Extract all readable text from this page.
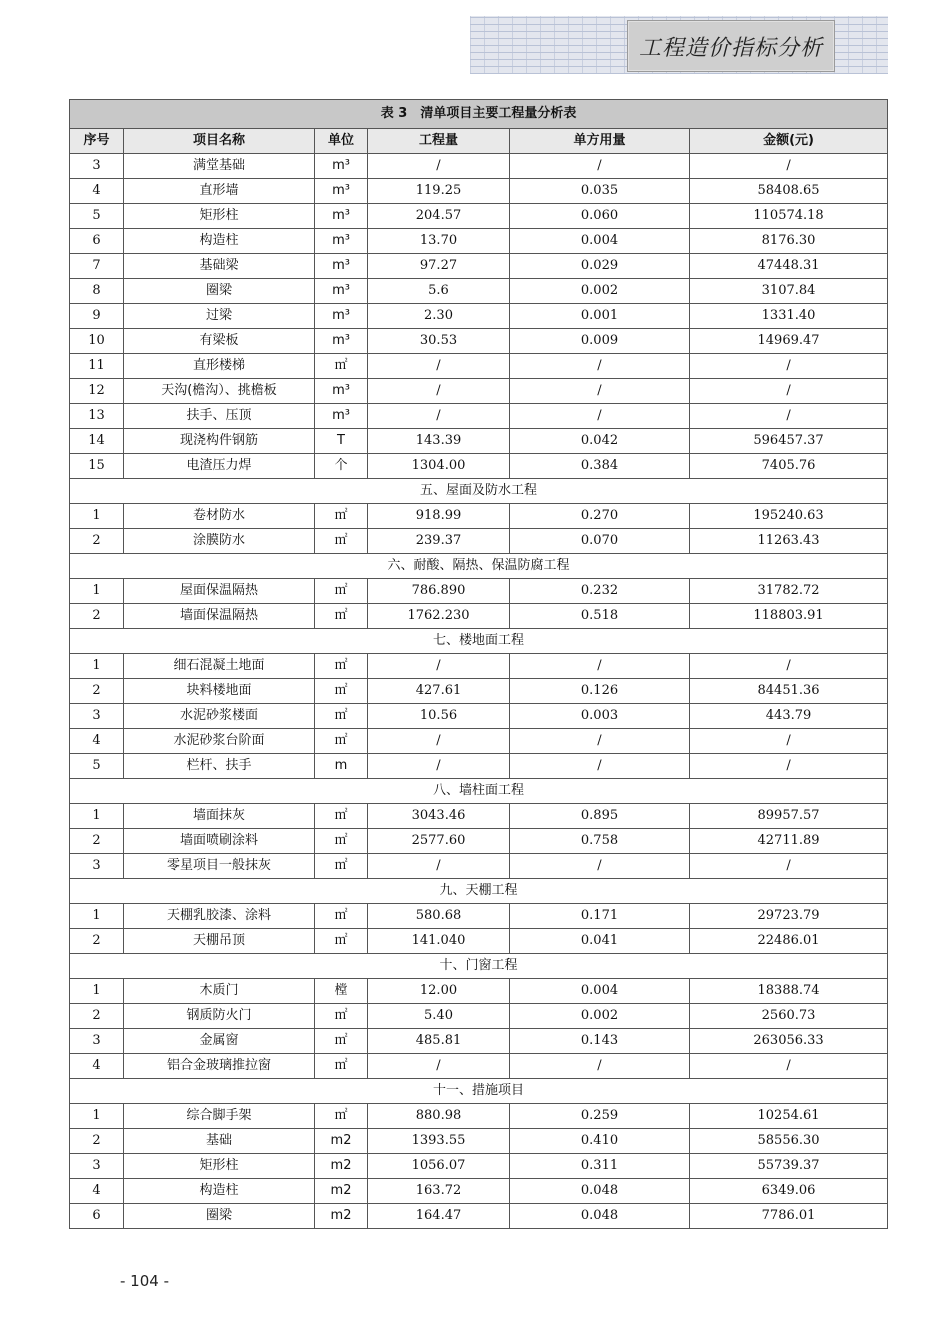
工程造价指标分析
表 3　清单项目主要工程量分析表					
序号	项目名称	单位	工程量	单方用量	金额(元)
3	满堂基础	m³	/	/	/
4	直形墙	m³	119.25	0.035	58408.65
5	矩形柱	m³	204.57	0.060	110574.18
6	构造柱	m³	13.70	0.004	8176.30
7	基础梁	m³	97.27	0.029	47448.31
8	圈梁	m³	5.6	0.002	3107.84
9	过梁	m³	2.30	0.001	1331.40
10	有梁板	m³	30.53	0.009	14969.47
11	直形楼梯	㎡	/	/	/
12	天沟(檐沟）、挑檐板	m³	/	/	/
13	扶手、压顶	m³	/	/	/
14	现浇构件钢筋	T	143.39	0.042	596457.37
15	电渣压力焊	个	1304.00	0.384	7405.76
五、屋面及防水工程					
1	卷材防水	㎡	918.99	0.270	195240.63
2	涂膜防水	㎡	239.37	0.070	11263.43
六、耐酸、隔热、保温防腐工程					
1	屋面保温隔热	㎡	786.890	0.232	31782.72
2	墙面保温隔热	㎡	1762.230	0.518	118803.91
七、楼地面工程					
1	细石混凝土地面	㎡	/	/	/
2	块料楼地面	㎡	427.61	0.126	84451.36
3	水泥砂浆楼面	㎡	10.56	0.003	443.79
4	水泥砂浆台阶面	㎡	/	/	/
5	栏杆、扶手	m	/	/	/
八、墙柱面工程					
1	墙面抹灰	㎡	3043.46	0.895	89957.57
2	墙面喷刷涂料	㎡	2577.60	0.758	42711.89
3	零星项目一般抹灰	㎡	/	/	/
九、天棚工程					
1	天棚乳胶漆、涂料	㎡	580.68	0.171	29723.79
2	天棚吊顶	㎡	141.040	0.041	22486.01
十、门窗工程					
1	木质门	樘	12.00	0.004	18388.74
2	钢质防火门	㎡	5.40	0.002	2560.73
3	金属窗	㎡	485.81	0.143	263056.33
4	铝合金玻璃推拉窗	㎡	/	/	/
十一、措施项目					
1	综合脚手架	㎡	880.98	0.259	10254.61
2	基础	m2	1393.55	0.410	58556.30
3	矩形柱	m2	1056.07	0.311	55739.37
4	构造柱	m2	163.72	0.048	6349.06
6	圈梁	m2	164.47	0.048	7786.01
- 104 -
